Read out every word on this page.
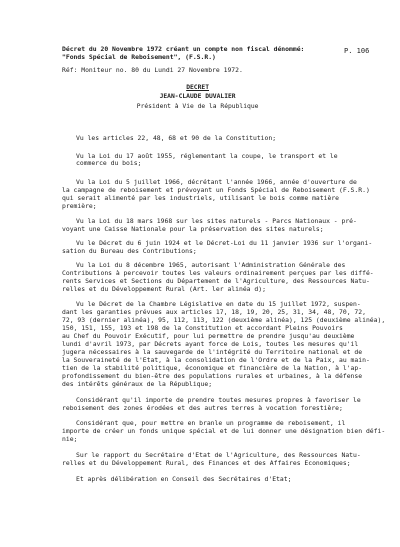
Décret du 20 Novembre 1972 créant un compte non fiscal dénommé:	P. 106
"Fonds Spécial de Reboisement", (F.S.R.)
Réf: Moniteur no. 80 du Lundi 27 Novembre 1972.
DECRET
JEAN-CLAUDE DUVALIER
Président à Vie de la République
Vu les articles 22, 48, 68 et 90 de la Constitution;
Vu la Loi du 17 août 1955, réglementant la coupe, le transport et le commerce du bois;
Vu la Loi du 5 juillet 1966, décrétant l'année 1966, année d'ouverture de
la campagne de reboisement et prévoyant un Fonds Spécial de Reboisement (F.S.R.)
qui serait alimenté par les industriels, utilisant le bois comme matière
première;
Vu la Loi du 18 mars 1968 sur les sites naturels - Parcs Nationaux - pré-
voyant une Caisse Nationale pour la préservation des sites naturels;
Vu le Décret du 6 juin 1924 et le Décret-Loi du 11 janvier 1936 sur l'organi-
sation du Bureau des Contributions;
Vu la Loi du 8 décembre 1965, autorisant l'Administration Générale des
Contributions à percevoir toutes les valeurs ordinairement perçues par les diffé-
rents Services et Sections du Département de l'Agriculture, des Ressources Natu-
relles et du Développement Rural (Art. ler alinéa d);
Vu le Décret de la Chambre Législative en date du 15 juillet 1972, suspen-
dant les garanties prévues aux articles 17, 18, 19, 20, 25, 31, 34, 48, 70, 72,
72, 93 (dernier alinéa), 95, 112, 113, 122 (deuxième alinéa), 125 (deuxième alinéa),
150, 151, 155, 193 et 198 de la Constitution et accordant Pleins Pouvoirs
au Chef du Pouvoir Exécutif, pour lui permettre de prendre jusqu'au deuxième
lundi d'avril 1973, par Décrets ayant force de Lois, toutes les mesures qu'il
jugera nécessaires à la sauvegarde de l'intégrité du Territoire national et de
la Souveraineté de l'Etat, à la consolidation de l'Ordre et de la Paix, au main-
tien de la stabilité politique, économique et financière de la Nation, à l'ap-
profondissement du bien-être des populations rurales et urbaines, à la défense
des intérêts généraux de la République;
Considérant qu'il importe de prendre toutes mesures propres à favoriser le
reboisement des zones érodées et des autres terres à vocation forestière;
Considérant que, pour mettre en branle un programme de reboisement, il
importe de créer un fonds unique spécial et de lui donner une désignation bien défi-
nie;
Sur le rapport du Secrétaire d'Etat de l'Agriculture, des Ressources Natu-
relles et du Développement Rural, des Finances et des Affaires Economiques;
Et après délibération en Conseil des Secrétaires d'Etat;
